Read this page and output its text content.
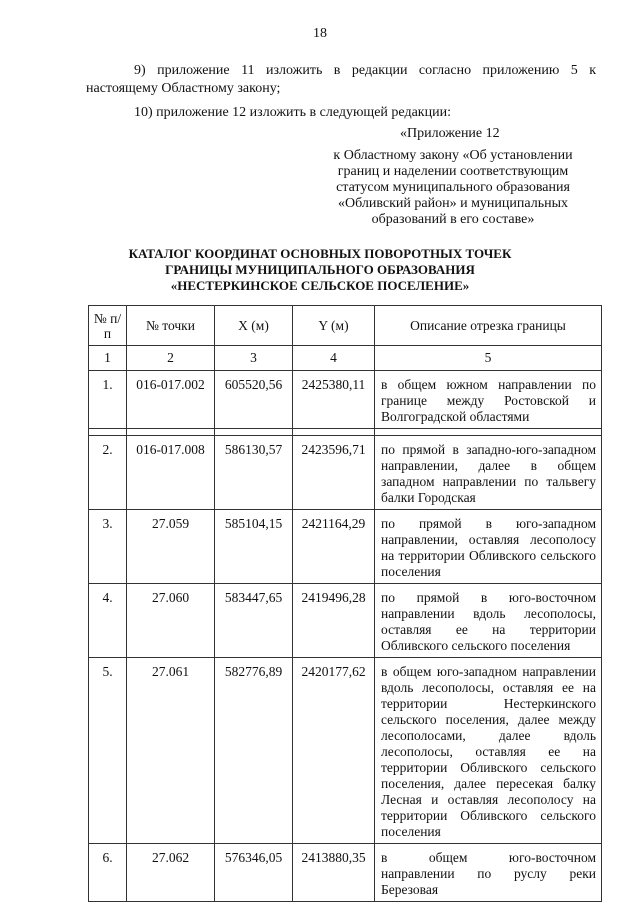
18
9) приложение 11 изложить в редакции согласно приложению 5 к настоящему Областному закону;
10) приложение 12 изложить в следующей редакции:
«Приложение 12
к Областному закону «Об установлении
границ и наделении соответствующим
статусом муниципального образования
«Обливский район» и муниципальных
образований в его составе»
КАТАЛОГ КООРДИНАТ ОСНОВНЫХ ПОВОРОТНЫХ ТОЧЕК
ГРАНИЦЫ МУНИЦИПАЛЬНОГО ОБРАЗОВАНИЯ
«НЕСТЕРКИНСКОЕ СЕЛЬСКОЕ ПОСЕЛЕНИЕ»
№ п/п	№ точки	X (м)	Y (м)	Описание отрезка границы
1	2	3	4	5
1.	016-017.002	605520,56	2425380,11	в общем южном направлении по границе между Ростовской и Волгоградской областями

2.	016-017.008	586130,57	2423596,71	по прямой в западно-юго-западном направлении, далее в общем западном направлении по тальвегу балки Городская
3.	27.059	585104,15	2421164,29	по прямой в юго-западном направлении, оставляя лесополосу на территории Обливского сельского поселения
4.	27.060	583447,65	2419496,28	по прямой в юго-восточном направлении вдоль лесополосы, оставляя ее на территории Обливского сельского поселения
5.	27.061	582776,89	2420177,62	в общем юго-западном направлении вдоль лесополосы, оставляя ее на территории Нестеркинского сельского поселения, далее между лесополосами, далее вдоль лесополосы, оставляя ее на территории Обливского сельского поселения, далее пересекая балку Лесная и оставляя лесополосу на территории Обливского сельского поселения
6.	27.062	576346,05	2413880,35	в общем юго-восточном направлении по руслу реки Березовая
